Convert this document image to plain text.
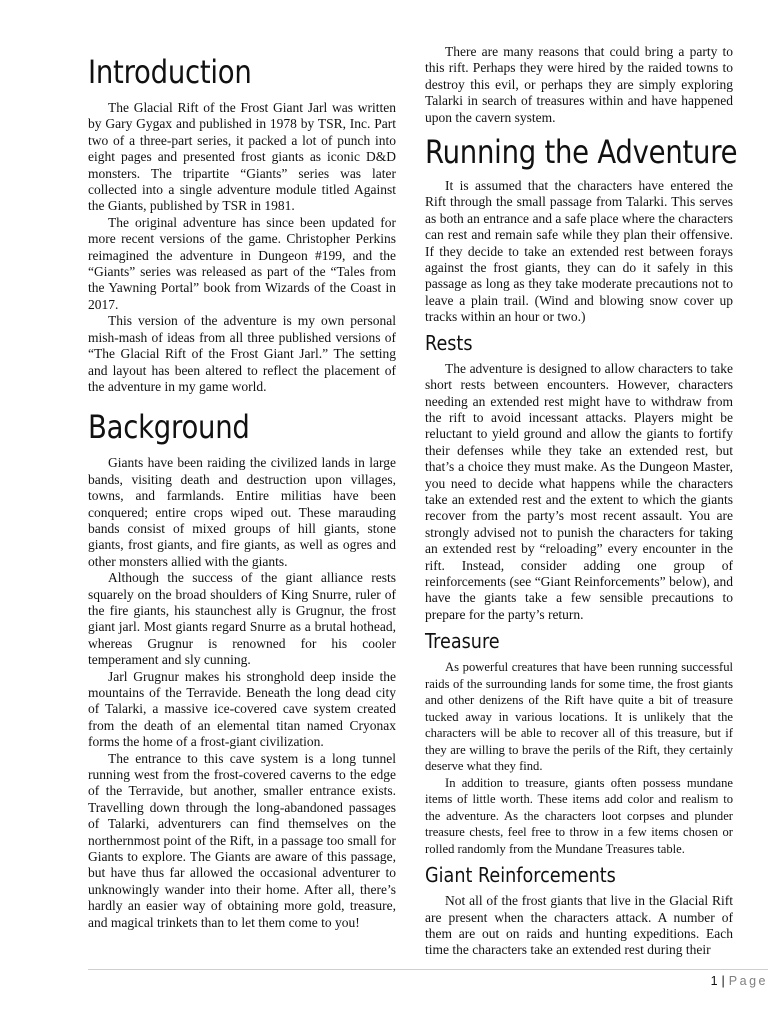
Introduction

The Glacial Rift of the Frost Giant Jarl was written by Gary Gygax and published in 1978 by TSR, Inc. Part two of a three-part series, it packed a lot of punch into eight pages and presented frost giants as iconic D&D monsters. The tripartite “Giants” series was later collected into a single adventure module titled Against the Giants, published by TSR in 1981.

The original adventure has since been updated for more recent versions of the game. Christopher Perkins reimagined the adventure in Dungeon #199, and the “Giants” series was released as part of the “Tales from the Yawning Portal” book from Wizards of the Coast in 2017.

This version of the adventure is my own personal mish-mash of ideas from all three published versions of “The Glacial Rift of the Frost Giant Jarl.” The setting and layout has been altered to reflect the placement of the adventure in my game world.

Background

Giants have been raiding the civilized lands in large bands, visiting death and destruction upon villages, towns, and farmlands. Entire militias have been conquered; entire crops wiped out. These marauding bands consist of mixed groups of hill giants, stone giants, frost giants, and fire giants, as well as ogres and other monsters allied with the giants.

Although the success of the giant alliance rests squarely on the broad shoulders of King Snurre, ruler of the fire giants, his staunchest ally is Grugnur, the frost giant jarl. Most giants regard Snurre as a brutal hothead, whereas Grugnur is renowned for his cooler temperament and sly cunning.

Jarl Grugnur makes his stronghold deep inside the mountains of the Terravide. Beneath the long dead city of Talarki, a massive ice-covered cave system created from the death of an elemental titan named Cryonax forms the home of a frost-giant civilization.

The entrance to this cave system is a long tunnel running west from the frost-covered caverns to the edge of the Terravide, but another, smaller entrance exists. Travelling down through the long-abandoned passages of Talarki, adventurers can find themselves on the northernmost point of the Rift, in a passage too small for Giants to explore. The Giants are aware of this passage, but have thus far allowed the occasional adventurer to unknowingly wander into their home. After all, there’s hardly an easier way of obtaining more gold, treasure, and magical trinkets than to let them come to you!

There are many reasons that could bring a party to this rift. Perhaps they were hired by the raided towns to destroy this evil, or perhaps they are simply exploring Talarki in search of treasures within and have happened upon the cavern system.

Running the Adventure

It is assumed that the characters have entered the Rift through the small passage from Talarki. This serves as both an entrance and a safe place where the characters can rest and remain safe while they plan their offensive. If they decide to take an extended rest between forays against the frost giants, they can do it safely in this passage as long as they take moderate precautions not to leave a plain trail. (Wind and blowing snow cover up tracks within an hour or two.)

Rests

The adventure is designed to allow characters to take short rests between encounters. However, characters needing an extended rest might have to withdraw from the rift to avoid incessant attacks. Players might be reluctant to yield ground and allow the giants to fortify their defenses while they take an extended rest, but that’s a choice they must make. As the Dungeon Master, you need to decide what happens while the characters take an extended rest and the extent to which the giants recover from the party’s most recent assault. You are strongly advised not to punish the characters for taking an extended rest by “reloading” every encounter in the rift. Instead, consider adding one group of reinforcements (see “Giant Reinforcements” below), and have the giants take a few sensible precautions to prepare for the party’s return.

Treasure

As powerful creatures that have been running successful raids of the surrounding lands for some time, the frost giants and other denizens of the Rift have quite a bit of treasure tucked away in various locations. It is unlikely that the characters will be able to recover all of this treasure, but if they are willing to brave the perils of the Rift, they certainly deserve what they find.

In addition to treasure, giants often possess mundane items of little worth. These items add color and realism to the adventure. As the characters loot corpses and plunder treasure chests, feel free to throw in a few items chosen or rolled randomly from the Mundane Treasures table.

Giant Reinforcements

Not all of the frost giants that live in the Glacial Rift are present when the characters attack. A number of them are out on raids and hunting expeditions. Each time the characters take an extended rest during their

1 | Page
